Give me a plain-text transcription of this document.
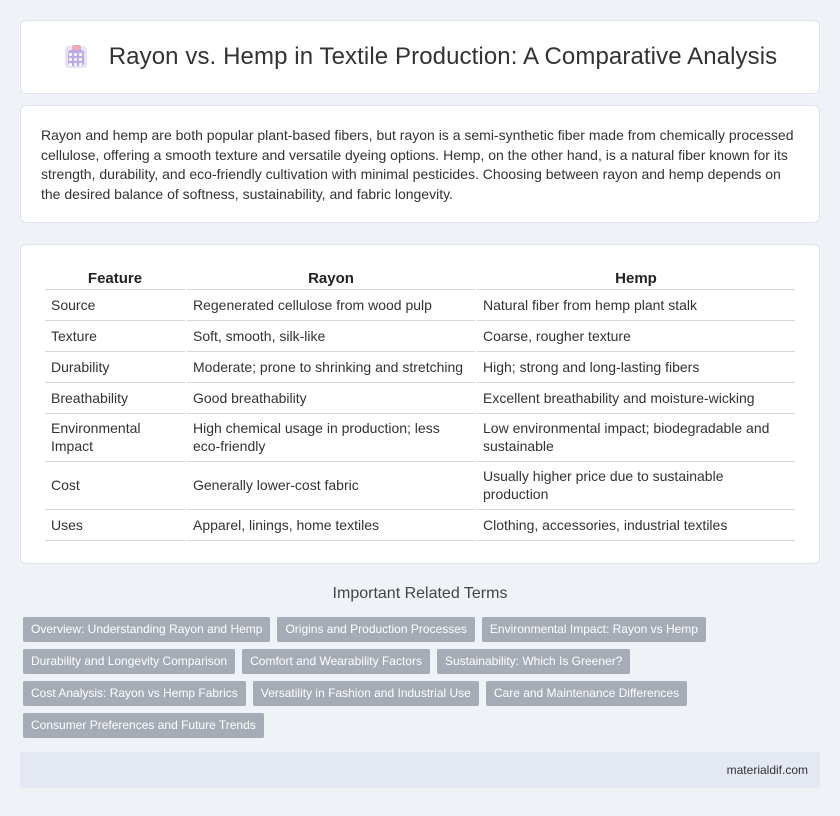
Rayon vs. Hemp in Textile Production: A Comparative Analysis

Rayon and hemp are both popular plant-based fibers, but rayon is a semi-synthetic fiber made from chemically processed cellulose, offering a smooth texture and versatile dyeing options. Hemp, on the other hand, is a natural fiber known for its strength, durability, and eco-friendly cultivation with minimal pesticides. Choosing between rayon and hemp depends on the desired balance of softness, sustainability, and fabric longevity.

Feature	Rayon	Hemp
Source	Regenerated cellulose from wood pulp	Natural fiber from hemp plant stalk
Texture	Soft, smooth, silk-like	Coarse, rougher texture
Durability	Moderate; prone to shrinking and stretching	High; strong and long-lasting fibers
Breathability	Good breathability	Excellent breathability and moisture-wicking
Environmental Impact	High chemical usage in production; less eco-friendly	Low environmental impact; biodegradable and sustainable
Cost	Generally lower-cost fabric	Usually higher price due to sustainable production
Uses	Apparel, linings, home textiles	Clothing, accessories, industrial textiles
Important Related Terms
Overview: Understanding Rayon and Hemp	Origins and Production Processes	Environmental Impact: Rayon vs Hemp
Durability and Longevity Comparison	Comfort and Wearability Factors	Sustainability: Which Is Greener?
Cost Analysis: Rayon vs Hemp Fabrics	Versatility in Fashion and Industrial Use	Care and Maintenance Differences
Consumer Preferences and Future Trends
materialdif.com
